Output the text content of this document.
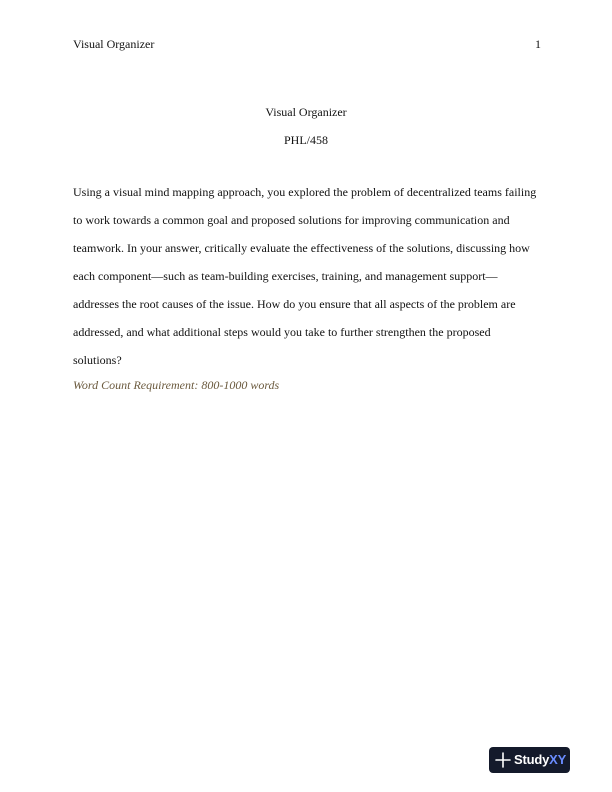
Visual Organizer	1
Visual Organizer
PHL/458

Using a visual mind mapping approach, you explored the problem of decentralized teams failing
to work towards a common goal and proposed solutions for improving communication and
teamwork. In your answer, critically evaluate the effectiveness of the solutions, discussing how
each component—such as team-building exercises, training, and management support—
addresses the root causes of the issue. How do you ensure that all aspects of the problem are
addressed, and what additional steps would you take to further strengthen the proposed
solutions?

Word Count Requirement: 800-1000 words
StudyXY
